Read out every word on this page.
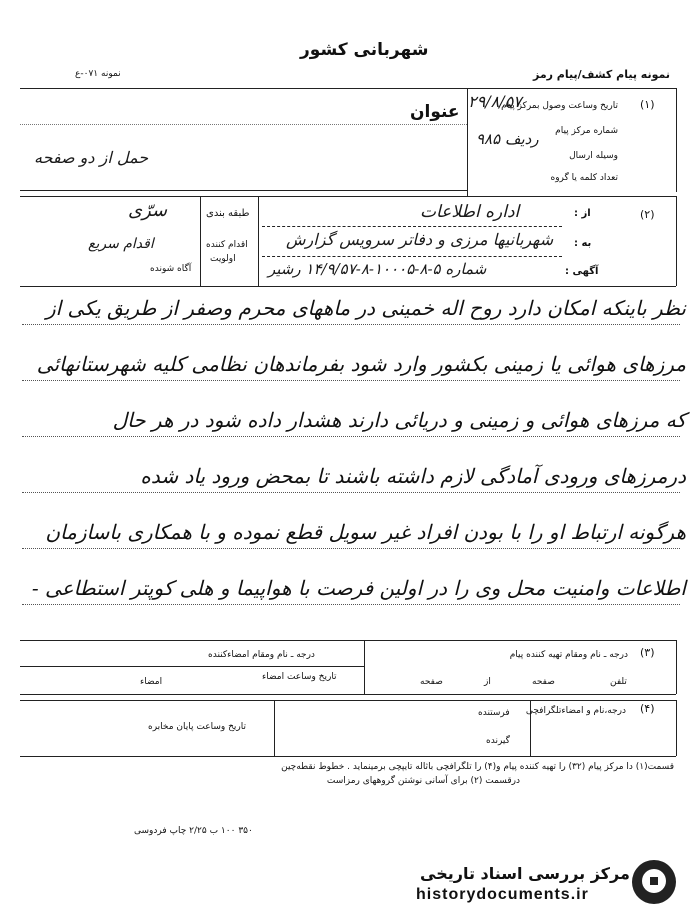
شهربانی کشور
نمونه پیام کشف/پیام رمز
نمونه ۰۷۱-ع
(۱)
تاریخ وساعت وصول بمرکز پیام
شماره مرکز پیام
وسیله ارسال
تعداد کلمه یا گروه
عنوان
۲۹/۸/۵۷
ردیف ۹۸۵
حمل از دو صفحه
طبقه بندی
سرّی
اقدام کننده
اقدام سریع
اولویت
آگاه شونده
(۲)
از :
اداره اطلاعات
به :
شهربانیها مرزی و دفاتر سرویس گزارش
آگهی :
شماره ۵-۸-۱۰۰۰۵-۸-۱۴/۹/۵۷ رشیر
نظر باینکه امکان دارد روح اله خمینی در ماههای محرم وصفر از طریق یکی از
مرزهای هوائی یا زمینی بکشور وارد شود بفرماندهان نظامی کلیه شهرستانهائی
که مرزهای هوائی و زمینی و دریائی دارند هشدار داده شود در هر حال
درمرزهای ورودی آمادگی لازم داشته باشند تا بمحض ورود یاد شده
هرگونه ارتباط او را با بودن افراد غیر سویل قطع نموده و با همکاری باسازمان
اطلاعات وامنیت محل وی را در اولین فرصت با هواپیما و هلی کوپتر استطاعی -
(۳)
درجه ـ نام ومقام تهیه کننده پیام
درجه ـ نام ومقام امضاءکننده
تلفن
صفحه
از
صفحه
تاریخ وساعت امضاء
امضاء
(۴)
درجه،نام و امضاءتلگرافچی
فرستنده
گیرنده
تاریخ وساعت پایان مخابره
قسمت(۱) دا مرکز پیام (۳۲) را تهیه کننده پیام و(۴) را تلگرافچی باثاله تایپچی برمینماید . خطوط نقطه‌چین
درقسمت (۲) برای آسانی نوشتن گروههای رمزاست
۳۵۰ ۱۰۰ ب ۲/۲۵ چاپ فردوسی
مرکز بررسی اسناد تاریخی
historydocuments.ir
